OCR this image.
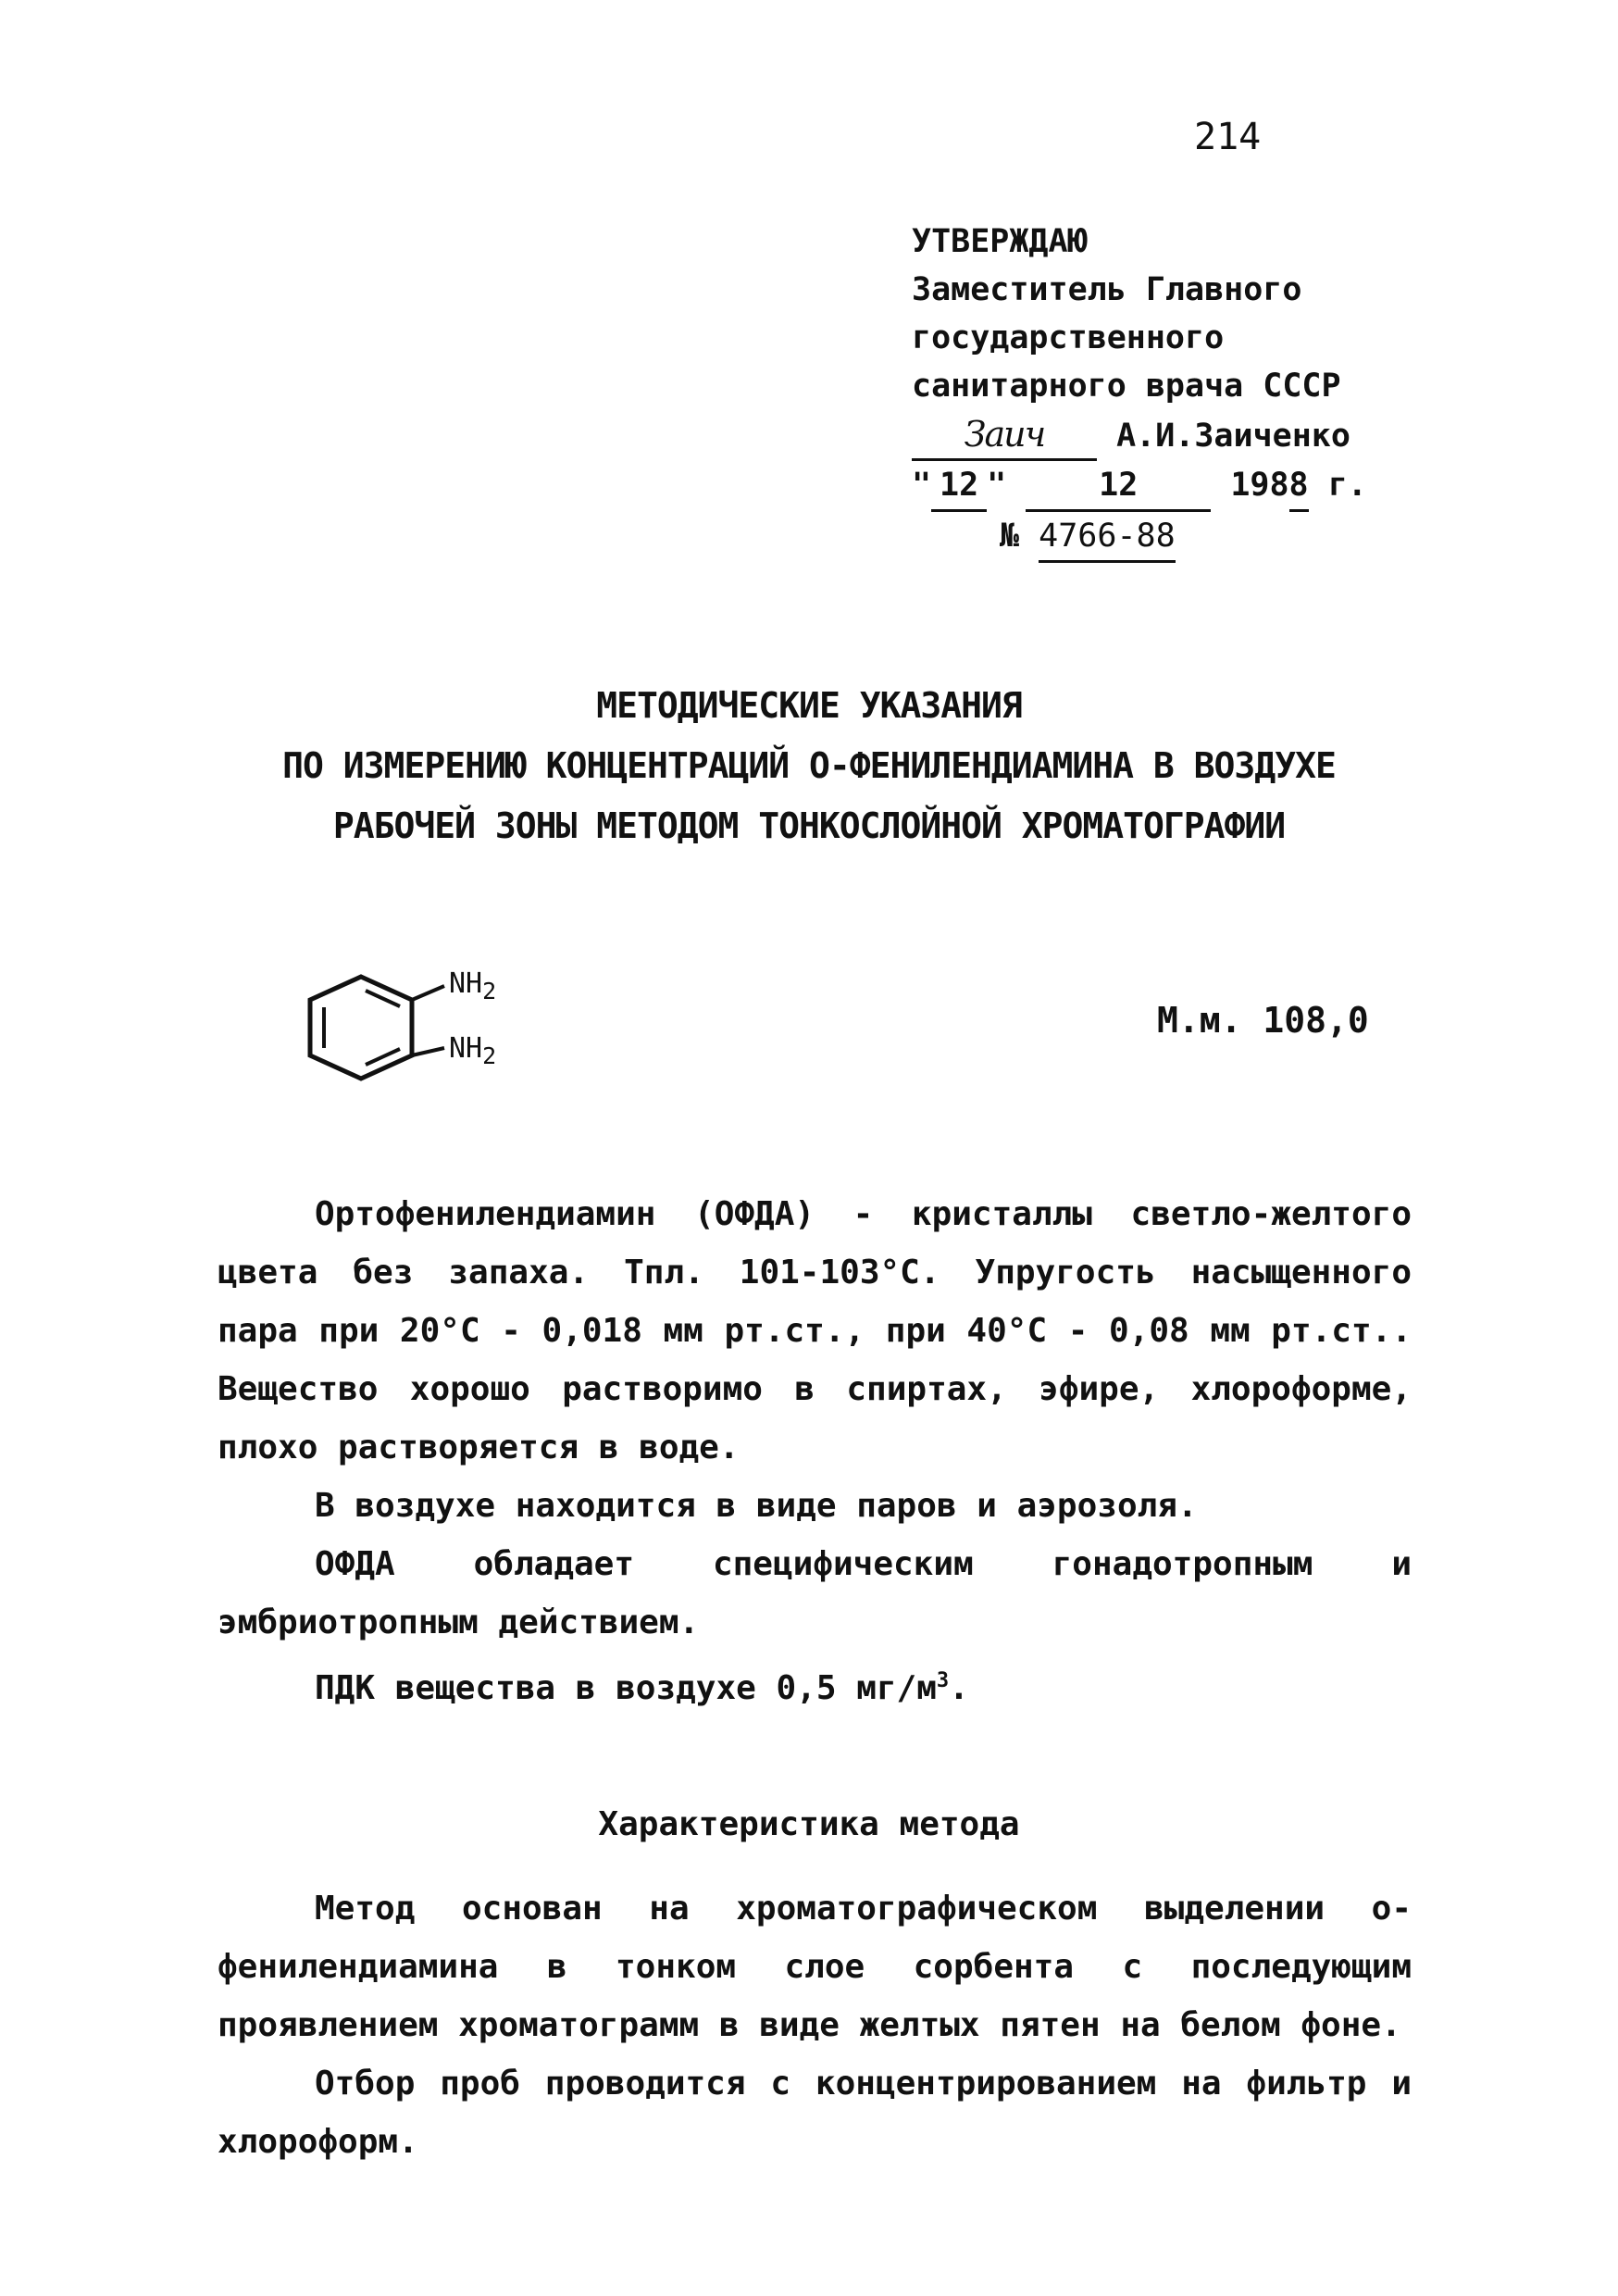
214
УТВЕРЖДАЮ
Заместитель Главного
государственного
санитарного врача СССР
Заич А.И.Заиченко
" 12 "	12	1988 г.
№ 4766-88
МЕТОДИЧЕСКИЕ УКАЗАНИЯ
ПО ИЗМЕРЕНИЮ КОНЦЕНТРАЦИЙ О-ФЕНИЛЕНДИАМИНА В ВОЗДУХЕ
РАБОЧЕЙ ЗОНЫ МЕТОДОМ ТОНКОСЛОЙНОЙ ХРОМАТОГРАФИИ
$NH_2$
$NH_2$
М.м. 108,0

Ортофенилендиамин (ОФДА) - кристаллы светло-желтого цвета без запаха. Тпл. 101-103°С. Упругость насыщенного пара при 20°С - 0,018 мм рт.ст., при 40°С - 0,08 мм рт.ст.. Вещество хорошо растворимо в спиртах, эфире, хлороформе, плохо растворяется в воде.

В воздухе находится в виде паров и аэрозоля.

ОФДА обладает специфическим гонадотропным и эмбриотропным действием.

ПДК вещества в воздухе 0,5 $мг/м^3$.

Характеристика метода

Метод основан на хроматографическом выделении о-фенилендиамина в тонком слое сорбента с последующим проявлением хроматограмм в виде желтых пятен на белом фоне.

Отбор проб проводится с концентрированием на фильтр и хлороформ.
